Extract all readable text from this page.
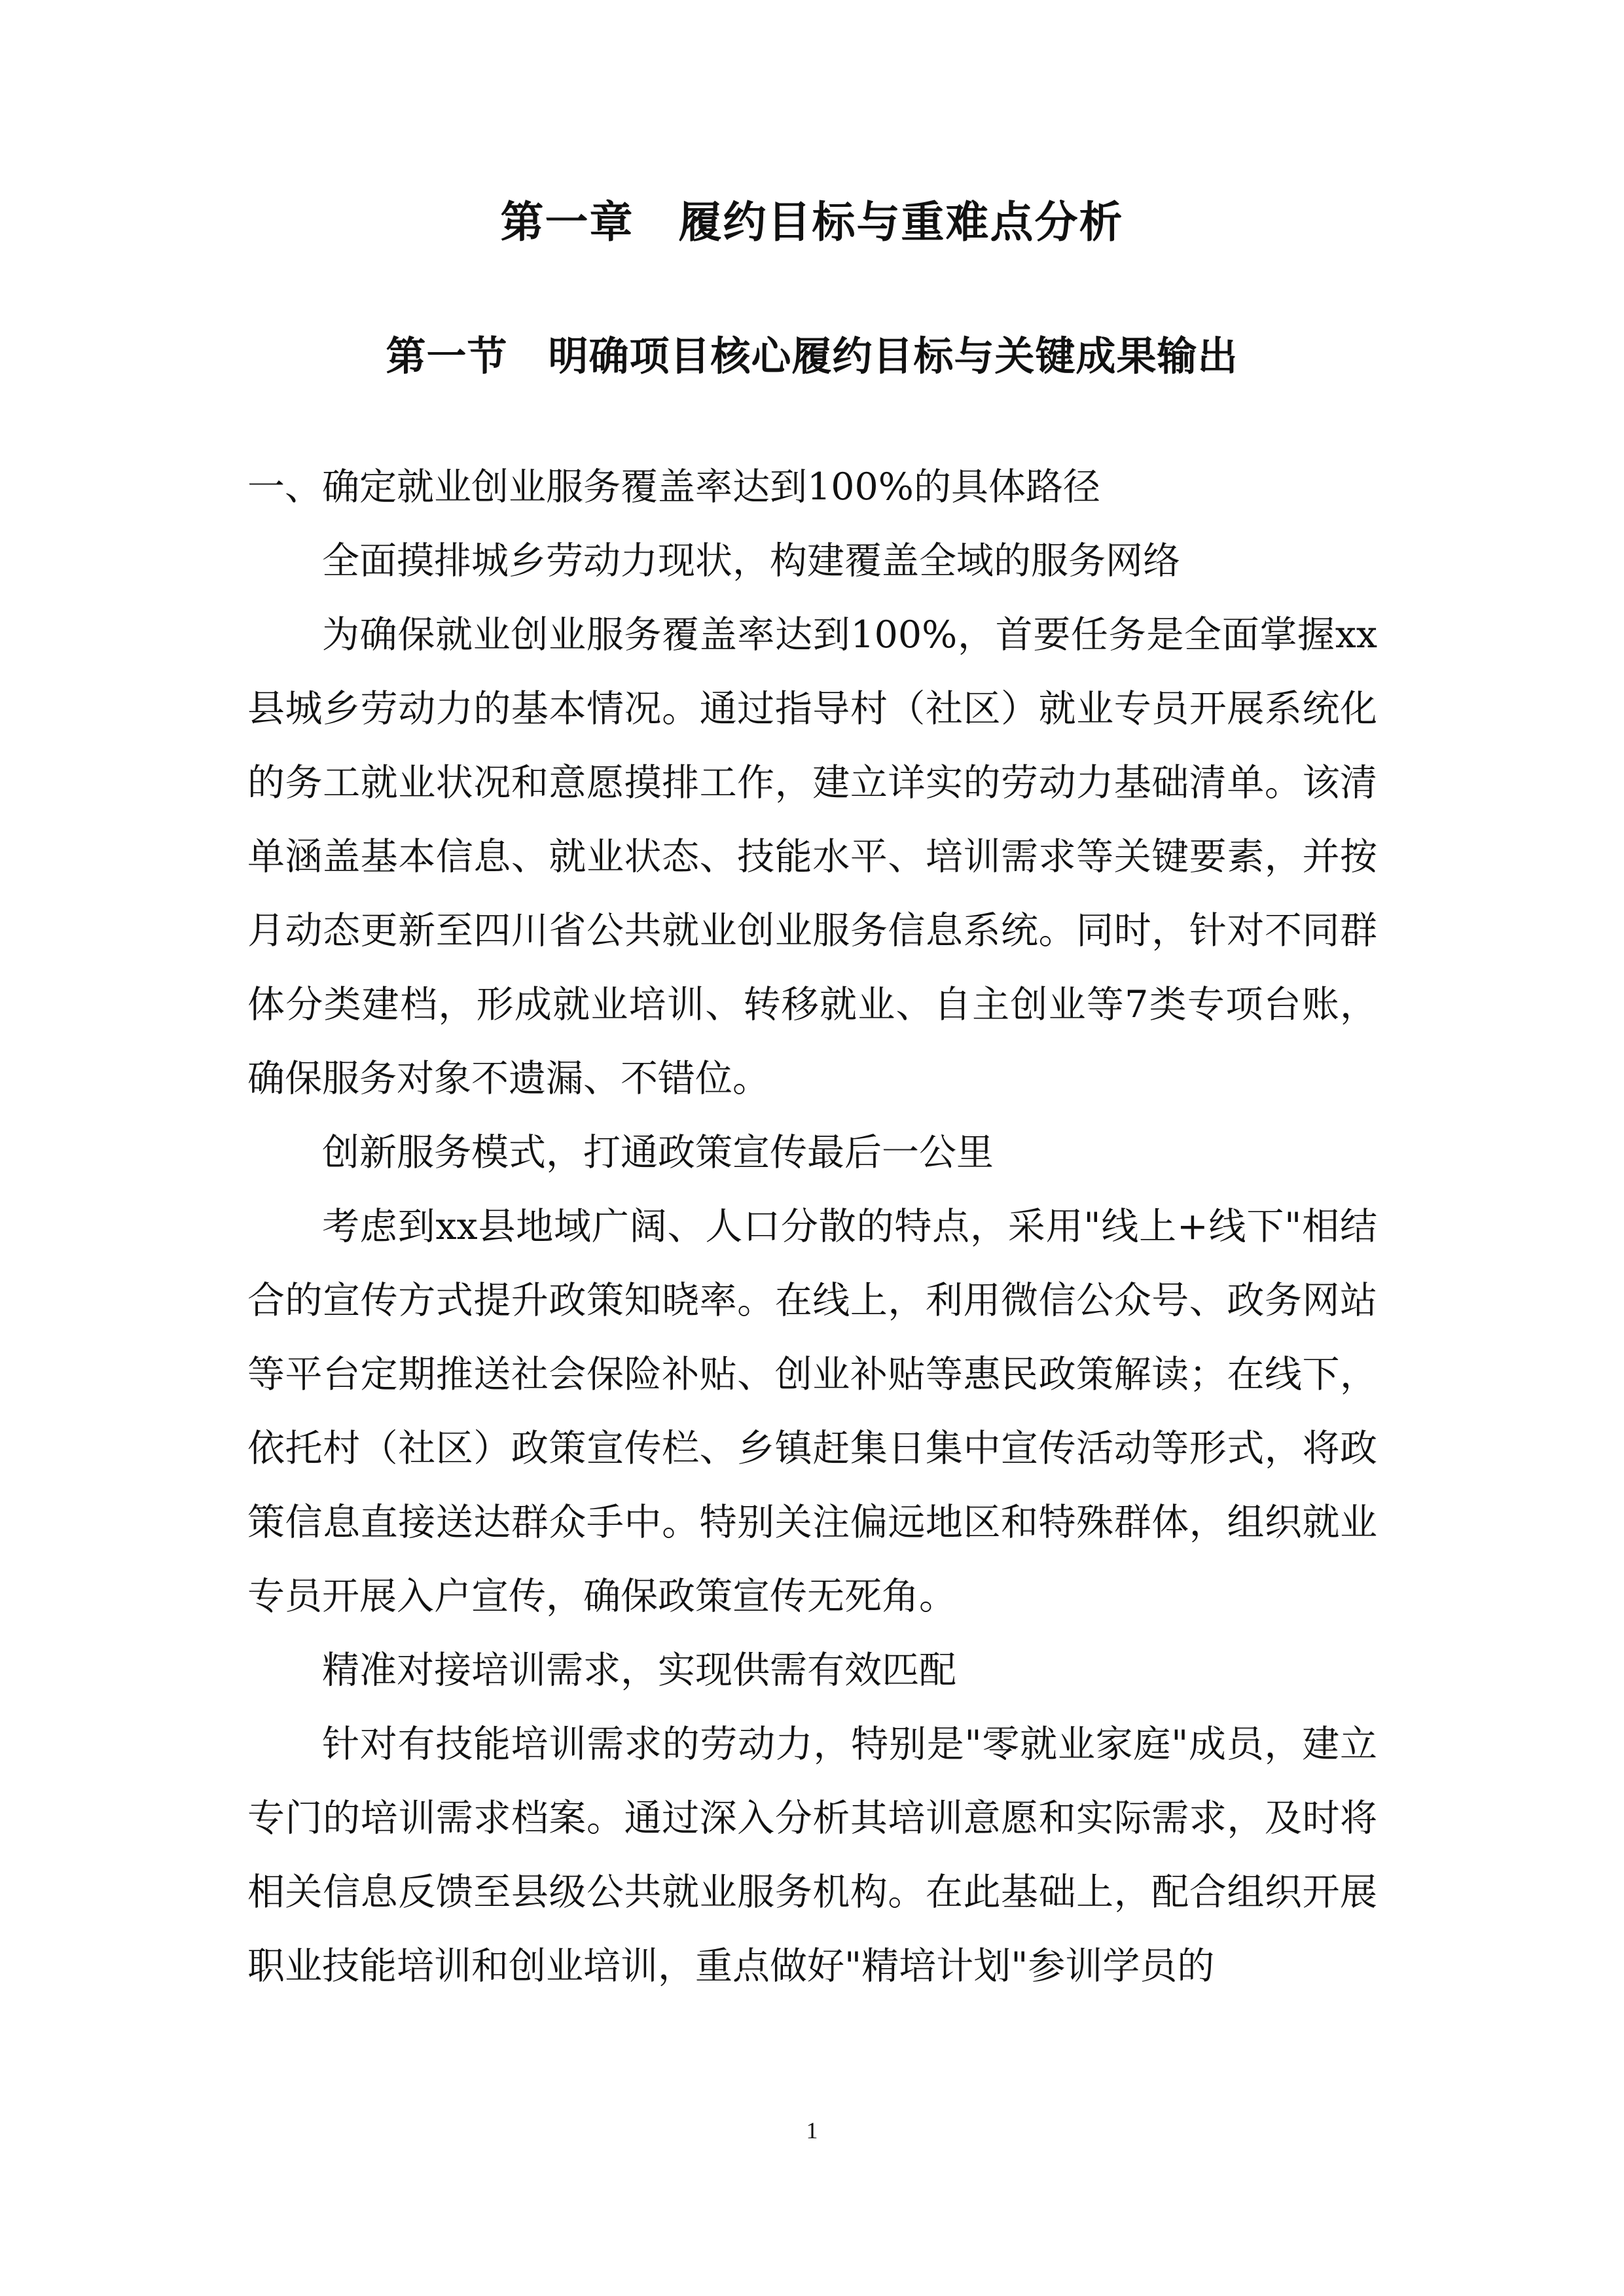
第一章　履约目标与重难点分析
第一节　明确项目核心履约目标与关键成果输出

一、确定就业创业服务覆盖率达到100%的具体路径

全面摸排城乡劳动力现状，构建覆盖全域的服务网络

为确保就业创业服务覆盖率达到100%，首要任务是全面掌握xx县城乡劳动力的基本情况。通过指导村（社区）就业专员开展系统化的务工就业状况和意愿摸排工作，建立详实的劳动力基础清单。该清单涵盖基本信息、就业状态、技能水平、培训需求等关键要素，并按月动态更新至四川省公共就业创业服务信息系统。同时，针对不同群体分类建档，形成就业培训、转移就业、自主创业等7类专项台账，确保服务对象不遗漏、不错位。

创新服务模式，打通政策宣传最后一公里

考虑到xx县地域广阔、人口分散的特点，采用"线上+线下"相结合的宣传方式提升政策知晓率。在线上，利用微信公众号、政务网站等平台定期推送社会保险补贴、创业补贴等惠民政策解读；在线下，依托村（社区）政策宣传栏、乡镇赶集日集中宣传活动等形式，将政策信息直接送达群众手中。特别关注偏远地区和特殊群体，组织就业专员开展入户宣传，确保政策宣传无死角。

精准对接培训需求，实现供需有效匹配

针对有技能培训需求的劳动力，特别是"零就业家庭"成员，建立专门的培训需求档案。通过深入分析其培训意愿和实际需求，及时将相关信息反馈至县级公共就业服务机构。在此基础上，配合组织开展职业技能培训和创业培训，重点做好"精培计划"参训学员的

1
